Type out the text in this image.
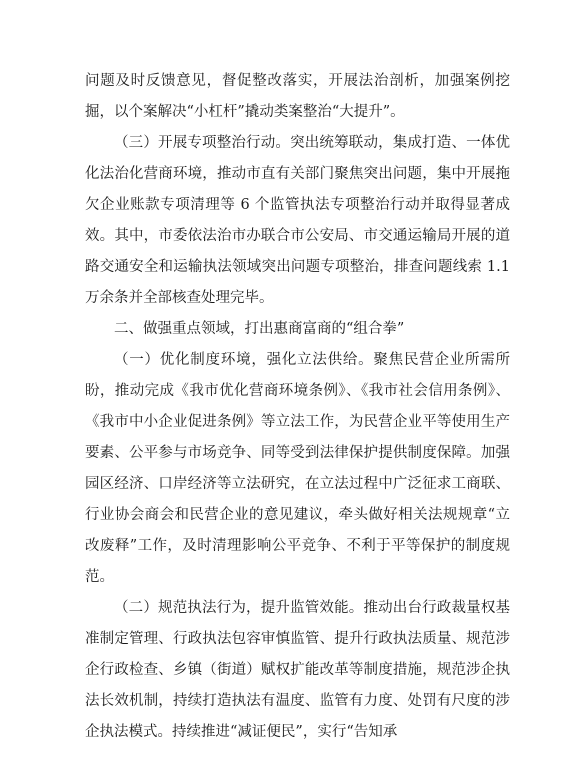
问题及时反馈意见，督促整改落实，开展法治剖析，加强案例挖掘，以个案解决“小杠杆”撬动类案整治“大提升”。

（三）开展专项整治行动。突出统筹联动，集成打造、一体优化法治化营商环境，推动市直有关部门聚焦突出问题，集中开展拖欠企业账款专项清理等 6 个监管执法专项整治行动并取得显著成效。其中，市委依法治市办联合市公安局、市交通运输局开展的道路交通安全和运输执法领域突出问题专项整治，排查问题线索 1.1 万余条并全部核查处理完毕。

二、做强重点领域，打出惠商富商的“组合拳”

（一）优化制度环境，强化立法供给。聚焦民营企业所需所盼，推动完成《我市优化营商环境条例》、《我市社会信用条例》、《我市中小企业促进条例》等立法工作，为民营企业平等使用生产要素、公平参与市场竞争、同等受到法律保护提供制度保障。加强园区经济、口岸经济等立法研究，在立法过程中广泛征求工商联、行业协会商会和民营企业的意见建议，牵头做好相关法规规章“立改废释”工作，及时清理影响公平竞争、不利于平等保护的制度规范。

（二）规范执法行为，提升监管效能。推动出台行政裁量权基准制定管理、行政执法包容审慎监管、提升行政执法质量、规范涉企行政检查、乡镇（街道）赋权扩能改革等制度措施，规范涉企执法长效机制，持续打造执法有温度、监管有力度、处罚有尺度的涉企执法模式。持续推进“减证便民”，实行“告知承
